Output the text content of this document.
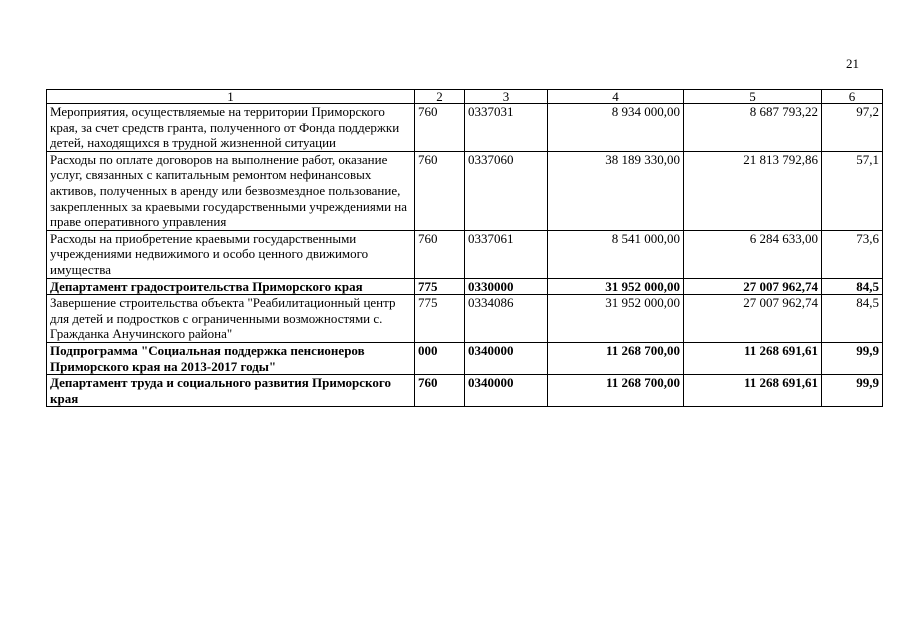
21
1	2	3	4	5	6
Мероприятия, осуществляемые на территории Приморского края, за счет средств гранта, полученного от Фонда поддержки детей, находящихся в трудной жизненной ситуации	760	0337031	8 934 000,00	8 687 793,22	97,2
Расходы по оплате договоров на выполнение работ, оказание услуг, связанных с капитальным ремонтом нефинансовых активов, полученных в аренду или безвозмездное пользование, закрепленных за краевыми государственными учреждениями на праве оперативного управления	760	0337060	38 189 330,00	21 813 792,86	57,1
Расходы на приобретение краевыми государственными учреждениями недвижимого и особо ценного движимого имущества	760	0337061	8 541 000,00	6 284 633,00	73,6
Департамент градостроительства Приморского края	775	0330000	31 952 000,00	27 007 962,74	84,5
Завершение строительства объекта "Реабилитационный центр для детей и подростков с ограниченными возможностями с. Гражданка Анучинского района"	775	0334086	31 952 000,00	27 007 962,74	84,5
Подпрограмма "Социальная поддержка пенсионеров Приморского края на 2013-2017 годы"	000	0340000	11 268 700,00	11 268 691,61	99,9
Департамент труда и социального развития Приморского края	760	0340000	11 268 700,00	11 268 691,61	99,9
